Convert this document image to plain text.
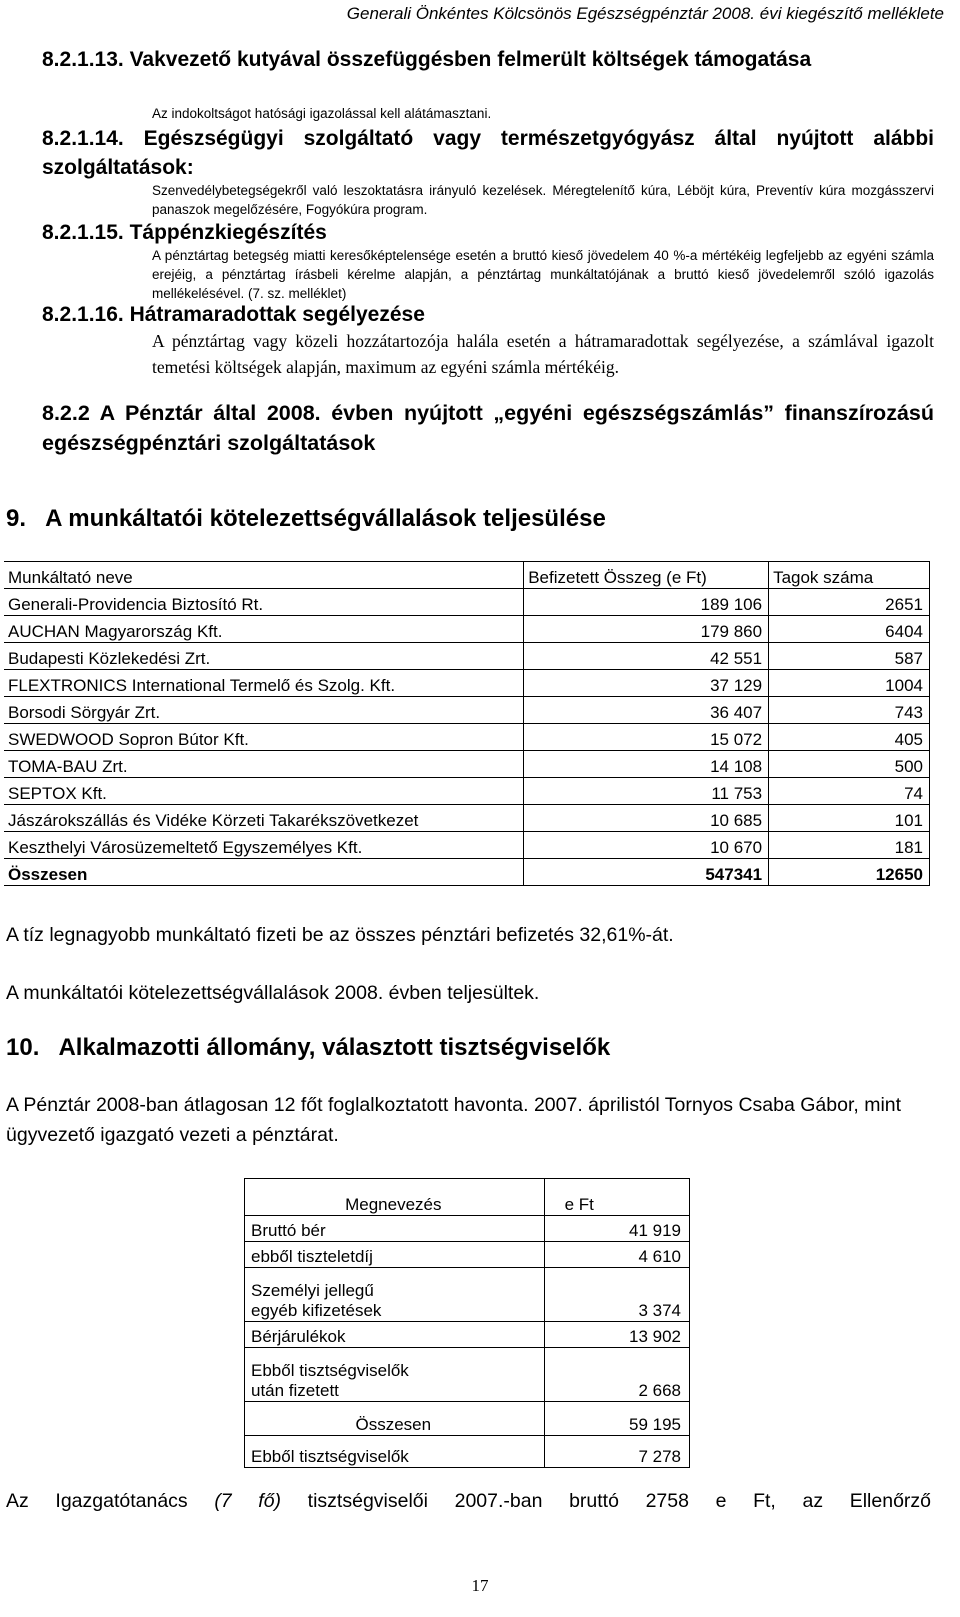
Generali Önkéntes Kölcsönös Egészségpénztár 2008. évi kiegészítő melléklete
8.2.1.13. Vakvezető kutyával összefüggésben felmerült költségek támogatása
Az indokoltságot hatósági igazolással kell alátámasztani.
8.2.1.14. Egészségügyi szolgáltató vagy természetgyógyász által nyújtott alábbi szolgáltatások:
Szenvedélybetegségekről való leszoktatásra irányuló kezelések. Méregtelenítő kúra, Léböjt kúra, Preventív kúra mozgásszervi panaszok megelőzésére, Fogyókúra program.
8.2.1.15. Táppénzkiegészítés
A pénztártag betegség miatti keresőképtelensége esetén a bruttó kieső jövedelem 40 %-a mértékéig legfeljebb az egyéni számla erejéig, a pénztártag írásbeli kérelme alapján, a pénztártag munkáltatójának a bruttó kieső jövedelemről szóló igazolás mellékelésével. (7. sz. melléklet)
8.2.1.16. Hátramaradottak segélyezése
A pénztártag vagy közeli hozzátartozója halála esetén a hátramaradottak segélyezése, a számlával igazolt temetési költségek alapján, maximum az egyéni számla mértékéig.
8.2.2 A Pénztár által 2008. évben nyújtott „egyéni egészségszámlás” finanszírozású egészségpénztári szolgáltatások
9.   A munkáltatói kötelezettségvállalások teljesülése
Munkáltató neve	Befizetett Összeg (e Ft)	Tagok száma
Generali-Providencia Biztosító Rt.	189 106	2651
AUCHAN Magyarország Kft.	179 860	6404
Budapesti Közlekedési Zrt.	42 551	587
FLEXTRONICS International Termelő és Szolg. Kft.	37 129	1004
Borsodi Sörgyár Zrt.	36 407	743
SWEDWOOD Sopron Bútor Kft.	15 072	405
TOMA-BAU Zrt.	14 108	500
SEPTOX Kft.	11 753	74
Jászárokszállás és Vidéke Körzeti Takarékszövetkezet	10 685	101
Keszthelyi Városüzemeltető Egyszemélyes Kft.	10 670	181
Összesen	547341	12650
A tíz legnagyobb munkáltató fizeti be az összes pénztári befizetés 32,61%-át.
A munkáltatói kötelezettségvállalások 2008. évben teljesültek.
10.   Alkalmazotti állomány, választott tisztségviselők
A Pénztár 2008-ban átlagosan 12 főt foglalkoztatott havonta. 2007. áprilistól Tornyos Csaba Gábor, mint ügyvezető igazgató vezeti a pénztárat.
Megnevezés	e Ft
Bruttó bér	41 919
ebből tiszteletdíj	4 610
Személyi jellegű egyéb kifizetések	3 374
Bérjárulékok	13 902
Ebből tisztségviselők után fizetett	2 668
Összesen	59 195
Ebből tisztségviselők	7 278
Az Igazgatótanács (7 fő) tisztségviselői 2007.-ban bruttó 2758 e Ft, az Ellenőrző
17
